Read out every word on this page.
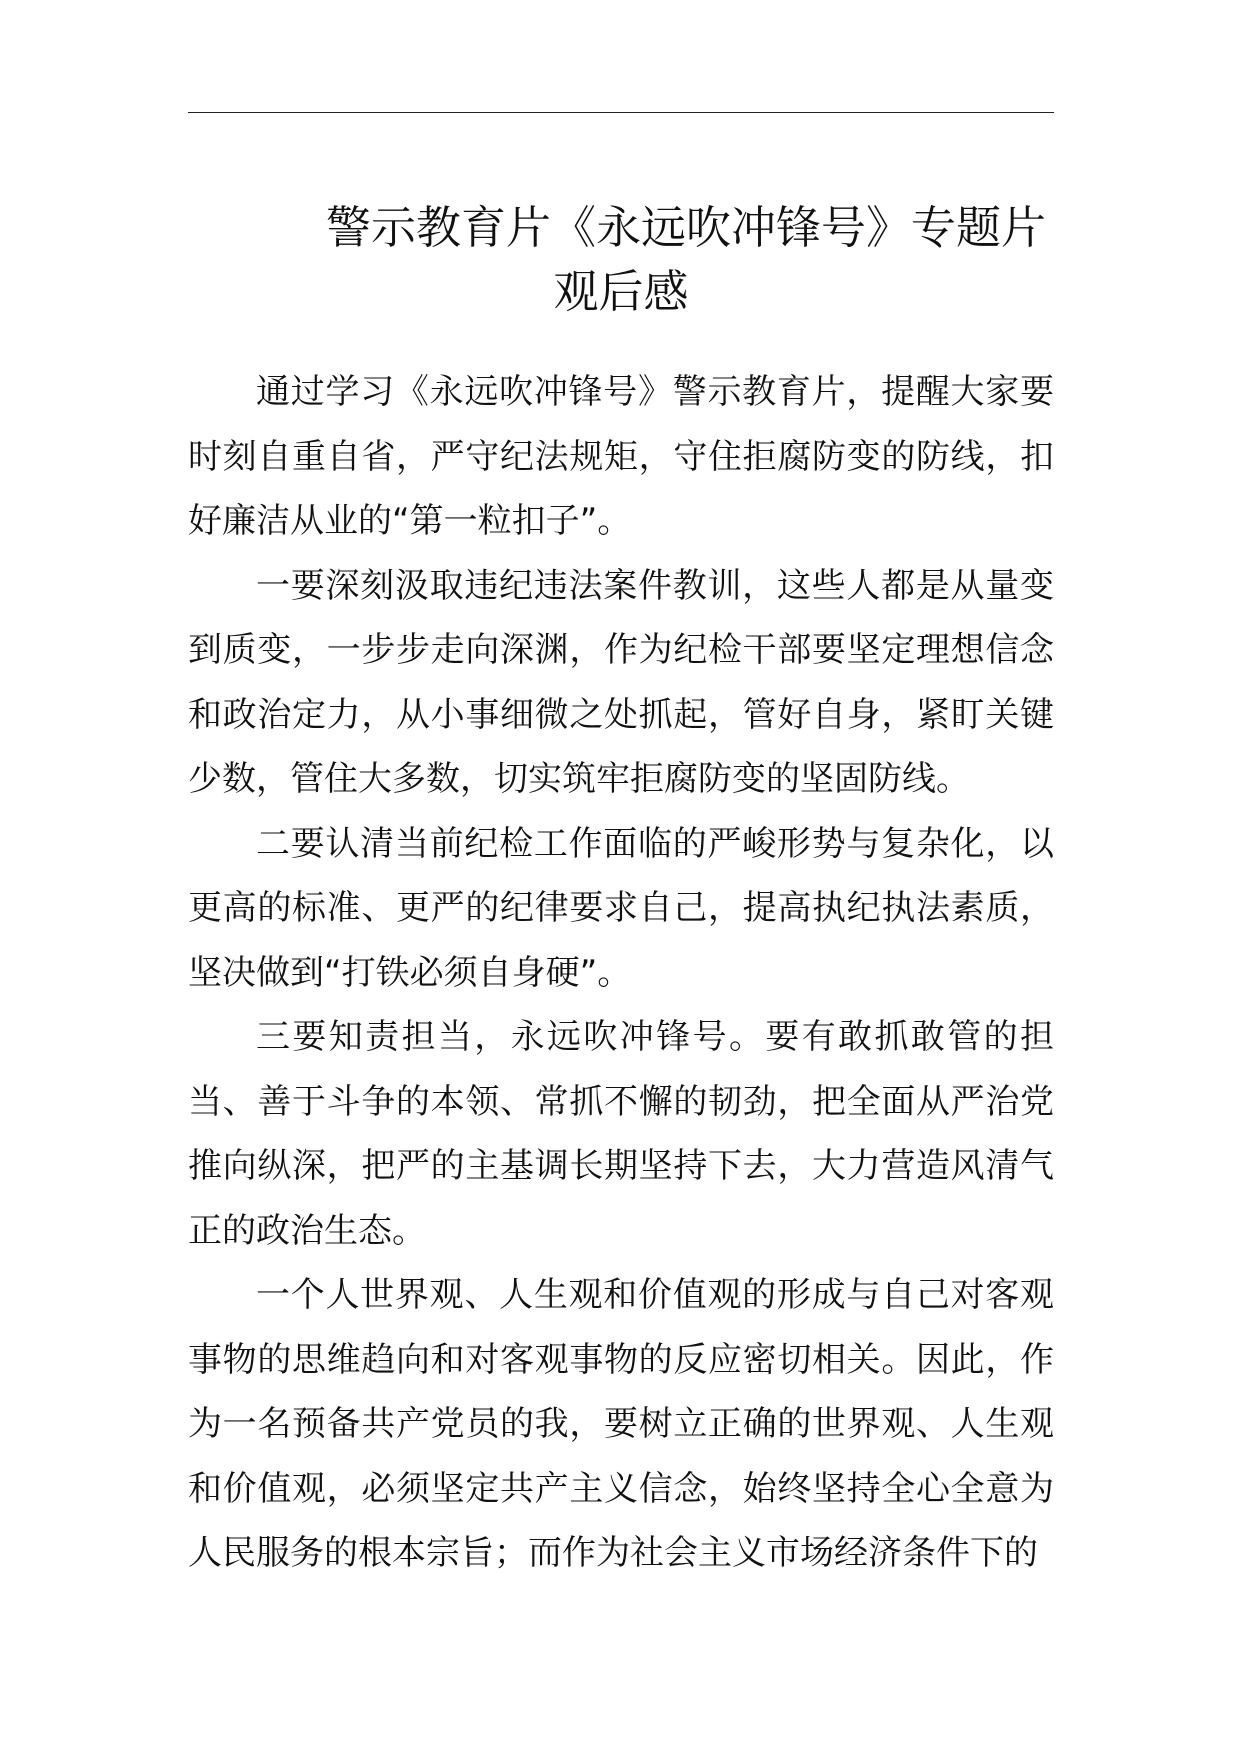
警示教育片《永远吹冲锋号》专题片
观后感

通过学习《永远吹冲锋号》警示教育片，提醒大家要时刻自重自省，严守纪法规矩，守住拒腐防变的防线，扣好廉洁从业的“第一粒扣子”。

一要深刻汲取违纪违法案件教训，这些人都是从量变到质变，一步步走向深渊，作为纪检干部要坚定理想信念和政治定力，从小事细微之处抓起，管好自身，紧盯关键少数，管住大多数，切实筑牢拒腐防变的坚固防线。

二要认清当前纪检工作面临的严峻形势与复杂化，以更高的标准、更严的纪律要求自己，提高执纪执法素质，坚决做到“打铁必须自身硬”。

三要知责担当，永远吹冲锋号。要有敢抓敢管的担当、善于斗争的本领、常抓不懈的韧劲，把全面从严治党推向纵深，把严的主基调长期坚持下去，大力营造风清气正的政治生态。

一个人世界观、人生观和价值观的形成与自己对客观事物的思维趋向和对客观事物的反应密切相关。因此，作为一名预备共产党员的我，要树立正确的世界观、人生观和价值观，必须坚定共产主义信念，始终坚持全心全意为人民服务的根本宗旨；而作为社会主义市场经济条件下的
